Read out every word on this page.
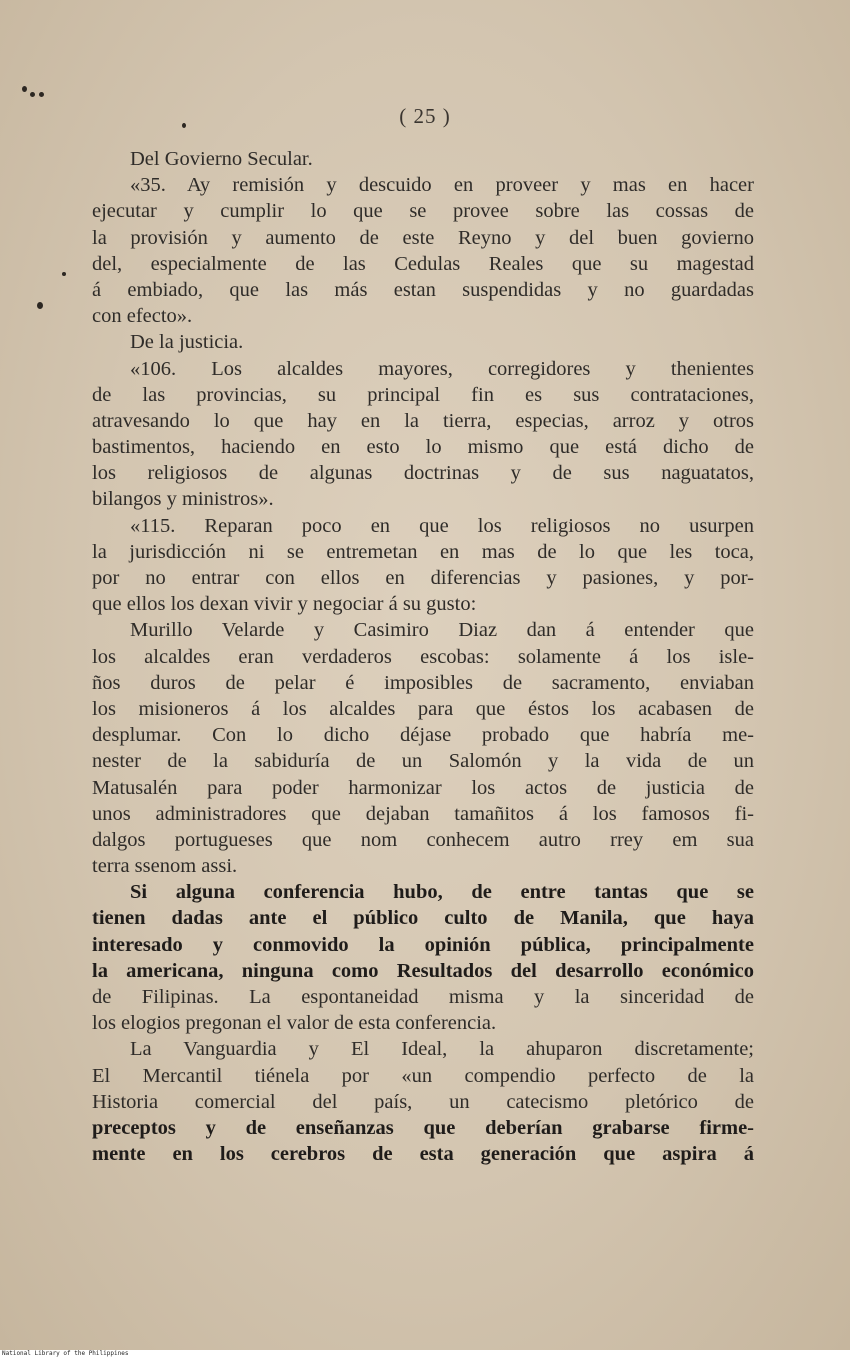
( 25 )
Del Govierno Secular.
«35. Ay remisión y descuido en proveer y mas en hacer
ejecutar y cumplir lo que se provee sobre las cossas de
la provisión y aumento de este Reyno y del buen govierno
del, especialmente de las Cedulas Reales que su magestad
á embiado, que las más estan suspendidas y no guardadas
con efecto».
De la justicia.
«106. Los alcaldes mayores, corregidores y thenientes
de las provincias, su principal fin es sus contrataciones,
atravesando lo que hay en la tierra, especias, arroz y otros
bastimentos, haciendo en esto lo mismo que está dicho de
los religiosos de algunas doctrinas y de sus naguatatos,
bilangos y ministros».
«115. Reparan poco en que los religiosos no usurpen
la jurisdicción ni se entremetan en mas de lo que les toca,
por no entrar con ellos en diferencias y pasiones, y por-
que ellos los dexan vivir y negociar á su gusto:
Murillo Velarde y Casimiro Diaz dan á entender que
los alcaldes eran verdaderos escobas: solamente á los isle-
ños duros de pelar é imposibles de sacramento, enviaban
los misioneros á los alcaldes para que éstos los acabasen de
desplumar. Con lo dicho déjase probado que habría me-
nester de la sabiduría de un Salomón y la vida de un
Matusalén para poder harmonizar los actos de justicia de
unos administradores que dejaban tamañitos á los famosos fi-
dalgos portugueses que nom conhecem autro rrey em sua
terra ssenom assi.
Si alguna conferencia hubo, de entre tantas que se
tienen dadas ante el público culto de Manila, que haya
interesado y conmovido la opinión pública, principalmente
la americana, ninguna como Resultados del desarrollo económico
de Filipinas. La espontaneidad misma y la sinceridad de
los elogios pregonan el valor de esta conferencia.
La Vanguardia y El Ideal, la ahuparon discretamente;
El Mercantil tiénela por «un compendio perfecto de la
Historia comercial del país, un catecismo pletórico de
preceptos y de enseñanzas que deberían grabarse firme-
mente en los cerebros de esta generación que aspira á
National Library of the Philippines
